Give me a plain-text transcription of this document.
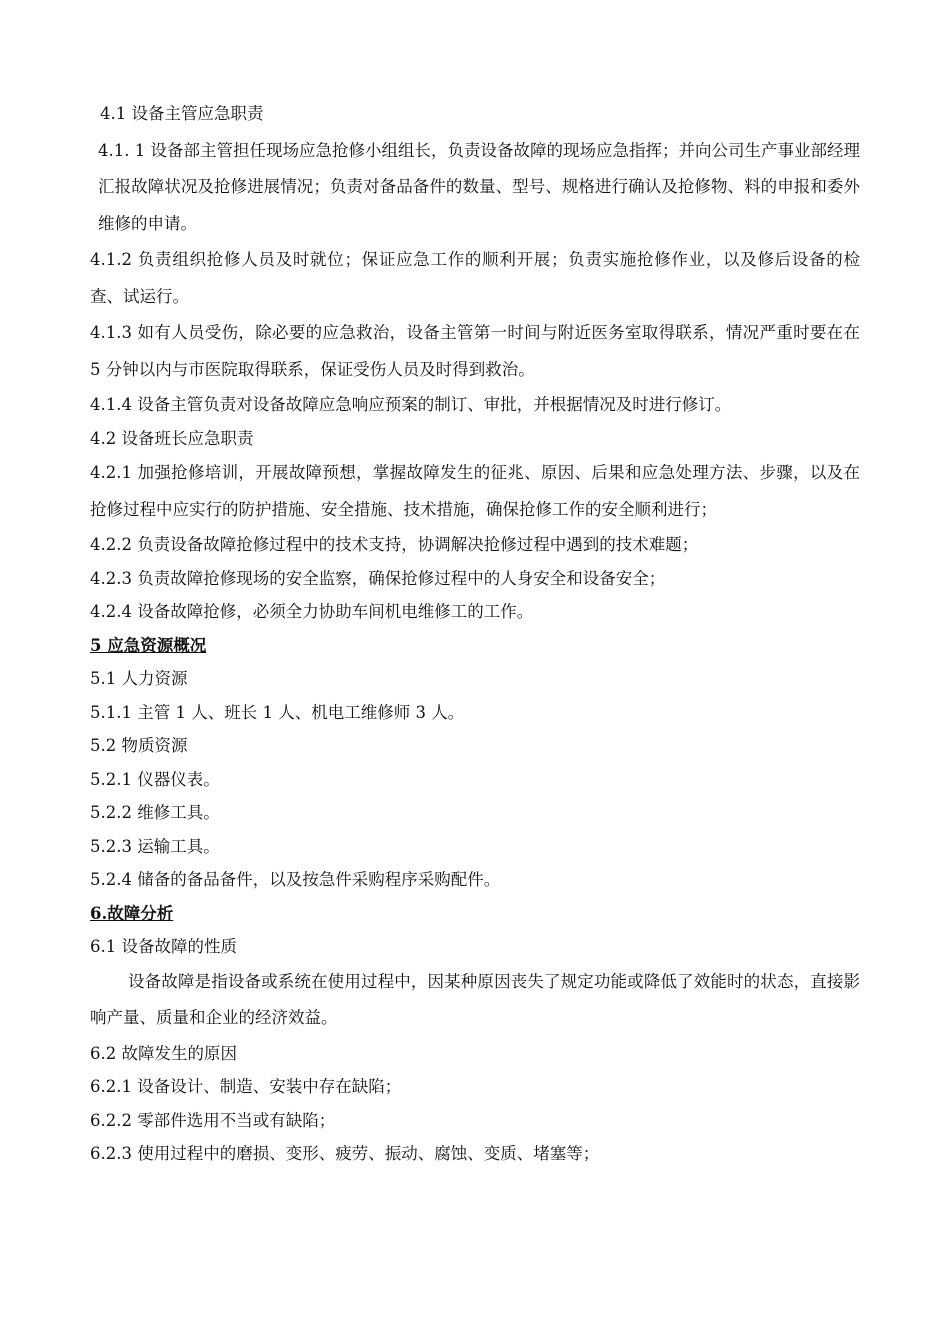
4.1 设备主管应急职责

4.1. 1 设备部主管担任现场应急抢修小组组长，负责设备故障的现场应急指挥；并向公司生产事业部经理汇报故障状况及抢修进展情况；负责对备品备件的数量、型号、规格进行确认及抢修物、料的申报和委外维修的申请。

4.1.2 负责组织抢修人员及时就位；保证应急工作的顺利开展；负责实施抢修作业，以及修后设备的检查、试运行。

4.1.3 如有人员受伤，除必要的应急救治，设备主管第一时间与附近医务室取得联系，情况严重时要在在 5 分钟以内与市医院取得联系，保证受伤人员及时得到救治。

4.1.4 设备主管负责对设备故障应急响应预案的制订、审批，并根据情况及时进行修订。

4.2 设备班长应急职责

4.2.1 加强抢修培训，开展故障预想，掌握故障发生的征兆、原因、后果和应急处理方法、步骤，以及在抢修过程中应实行的防护措施、安全措施、技术措施，确保抢修工作的安全顺利进行；

4.2.2 负责设备故障抢修过程中的技术支持，协调解决抢修过程中遇到的技术难题；

4.2.3 负责故障抢修现场的安全监察，确保抢修过程中的人身安全和设备安全；

4.2.4 设备故障抢修，必须全力协助车间机电维修工的工作。

5 应急资源概况

5.1 人力资源

5.1.1 主管 1 人、班长 1 人、机电工维修师 3 人。

5.2 物质资源

5.2.1 仪器仪表。

5.2.2 维修工具。

5.2.3 运输工具。

5.2.4 储备的备品备件，以及按急件采购程序采购配件。

6.故障分析

6.1 设备故障的性质

设备故障是指设备或系统在使用过程中，因某种原因丧失了规定功能或降低了效能时的状态，直接影响产量、质量和企业的经济效益。

6.2 故障发生的原因

6.2.1 设备设计、制造、安装中存在缺陷；

6.2.2 零部件选用不当或有缺陷；

6.2.3 使用过程中的磨损、变形、疲劳、振动、腐蚀、变质、堵塞等；
